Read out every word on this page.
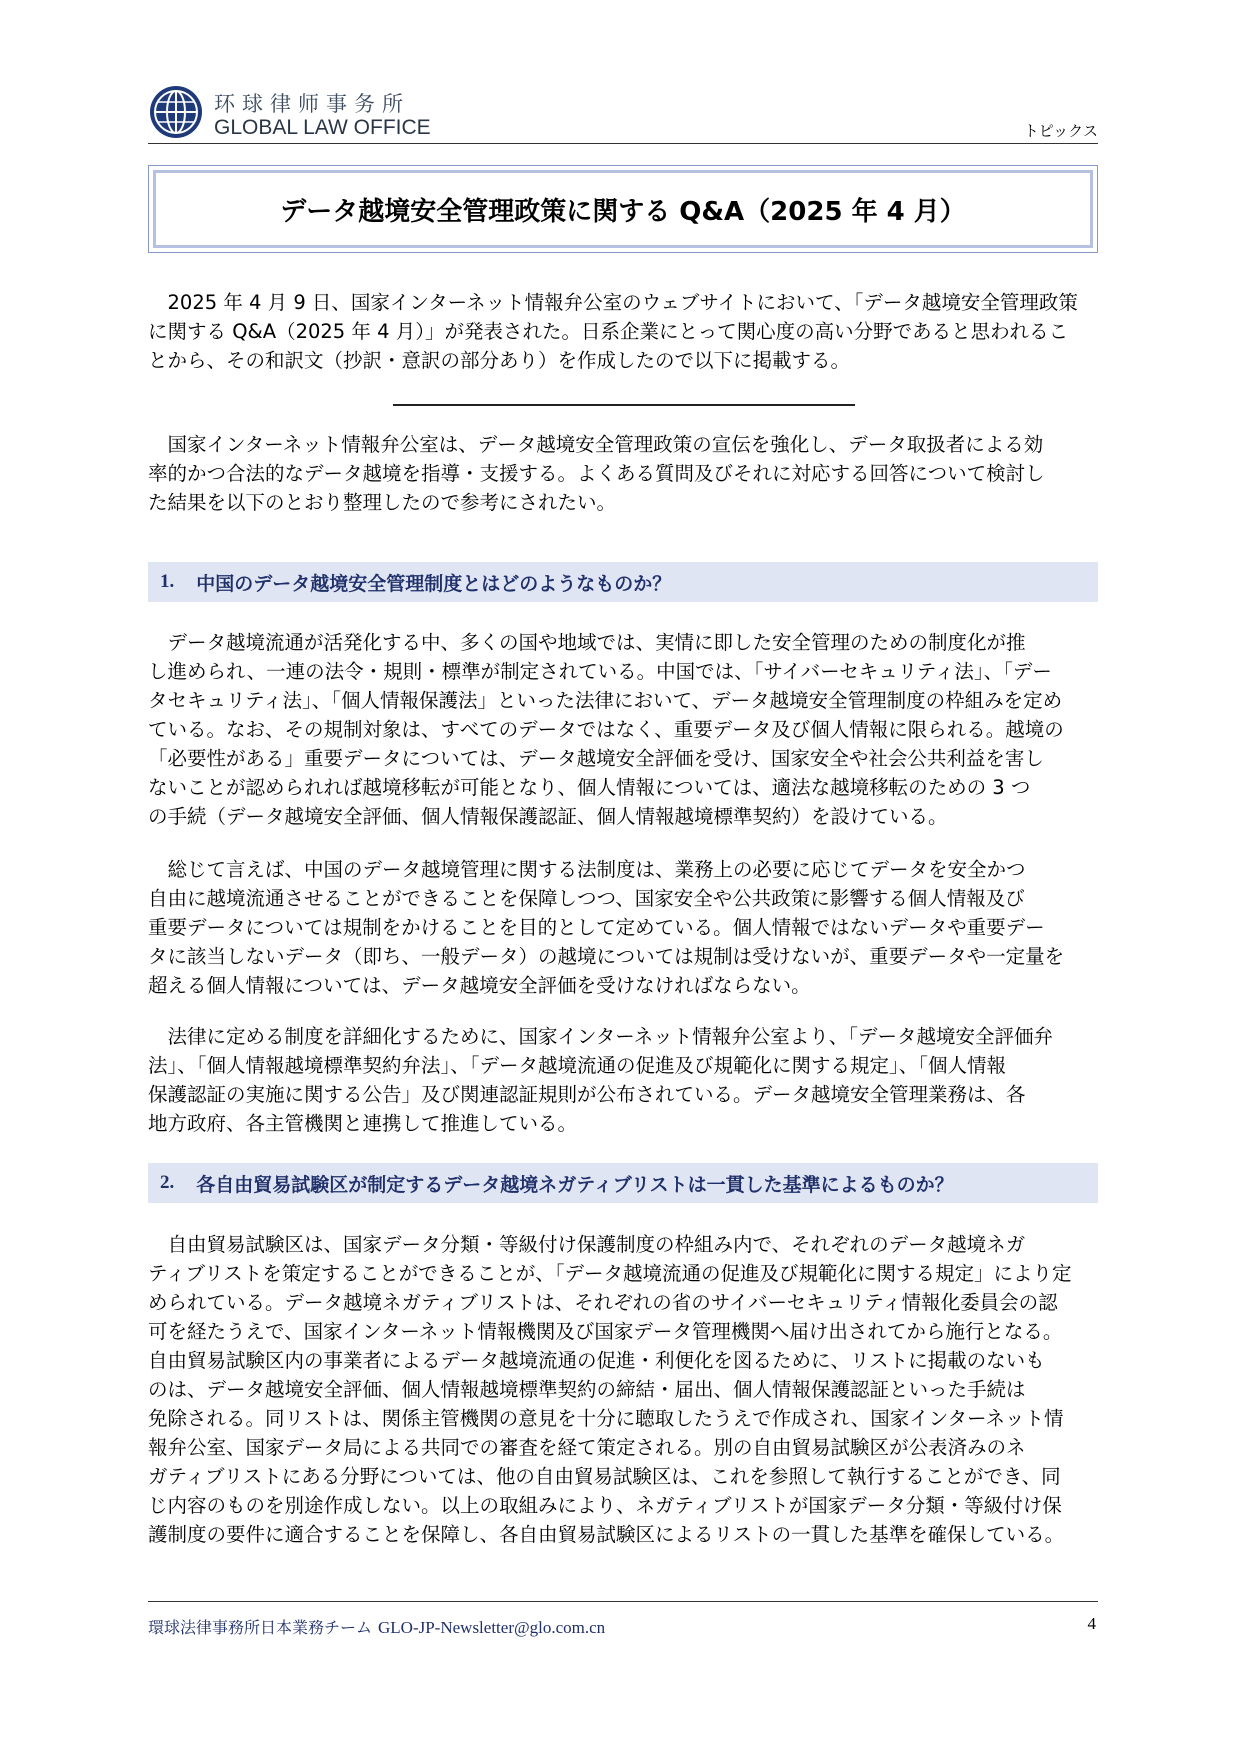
环球律师事务所
GLOBAL LAW OFFICE	トピックス
データ越境安全管理政策に関する Q&A（2025 年 4 月）
　2025 年 4 月 9 日、国家インターネット情報弁公室のウェブサイトにおいて、「データ越境安全管理政策
に関する Q&A（2025 年 4 月）」が発表された。日系企業にとって関心度の高い分野であると思われるこ
とから、その和訳文（抄訳・意訳の部分あり）を作成したので以下に掲載する。
　国家インターネット情報弁公室は、データ越境安全管理政策の宣伝を強化し、データ取扱者による効
率的かつ合法的なデータ越境を指導・支援する。よくある質問及びそれに対応する回答について検討し
た結果を以下のとおり整理したので参考にされたい。
1. 中国のデータ越境安全管理制度とはどのようなものか？
　データ越境流通が活発化する中、多くの国や地域では、実情に即した安全管理のための制度化が推
し進められ、一連の法令・規則・標準が制定されている。中国では、「サイバーセキュリティ法」、「デー
タセキュリティ法」、「個人情報保護法」といった法律において、データ越境安全管理制度の枠組みを定め
ている。なお、その規制対象は、すべてのデータではなく、重要データ及び個人情報に限られる。越境の
「必要性がある」重要データについては、データ越境安全評価を受け、国家安全や社会公共利益を害し
ないことが認められれば越境移転が可能となり、個人情報については、適法な越境移転のための 3 つ
の手続（データ越境安全評価、個人情報保護認証、個人情報越境標準契約）を設けている。
　総じて言えば、中国のデータ越境管理に関する法制度は、業務上の必要に応じてデータを安全かつ
自由に越境流通させることができることを保障しつつ、国家安全や公共政策に影響する個人情報及び
重要データについては規制をかけることを目的として定めている。個人情報ではないデータや重要デー
タに該当しないデータ（即ち、一般データ）の越境については規制は受けないが、重要データや一定量を
超える個人情報については、データ越境安全評価を受けなければならない。
　法律に定める制度を詳細化するために、国家インターネット情報弁公室より、「データ越境安全評価弁
法」、「個人情報越境標準契約弁法」、「データ越境流通の促進及び規範化に関する規定」、「個人情報
保護認証の実施に関する公告」及び関連認証規則が公布されている。データ越境安全管理業務は、各
地方政府、各主管機関と連携して推進している。
2. 各自由貿易試験区が制定するデータ越境ネガティブリストは一貫した基準によるものか？
　自由貿易試験区は、国家データ分類・等級付け保護制度の枠組み内で、それぞれのデータ越境ネガ
ティブリストを策定することができることが、「データ越境流通の促進及び規範化に関する規定」により定
められている。データ越境ネガティブリストは、それぞれの省のサイバーセキュリティ情報化委員会の認
可を経たうえで、国家インターネット情報機関及び国家データ管理機関へ届け出されてから施行となる。
自由貿易試験区内の事業者によるデータ越境流通の促進・利便化を図るために、リストに掲載のないも
のは、データ越境安全評価、個人情報越境標準契約の締結・届出、個人情報保護認証といった手続は
免除される。同リストは、関係主管機関の意見を十分に聴取したうえで作成され、国家インターネット情
報弁公室、国家データ局による共同での審査を経て策定される。別の自由貿易試験区が公表済みのネ
ガティブリストにある分野については、他の自由貿易試験区は、これを参照して執行することができ、同
じ内容のものを別途作成しない。以上の取組みにより、ネガティブリストが国家データ分類・等級付け保
護制度の要件に適合することを保障し、各自由貿易試験区によるリストの一貫した基準を確保している。
環球法律事務所日本業務チーム GLO-JP-Newsletter@glo.com.cn	4
